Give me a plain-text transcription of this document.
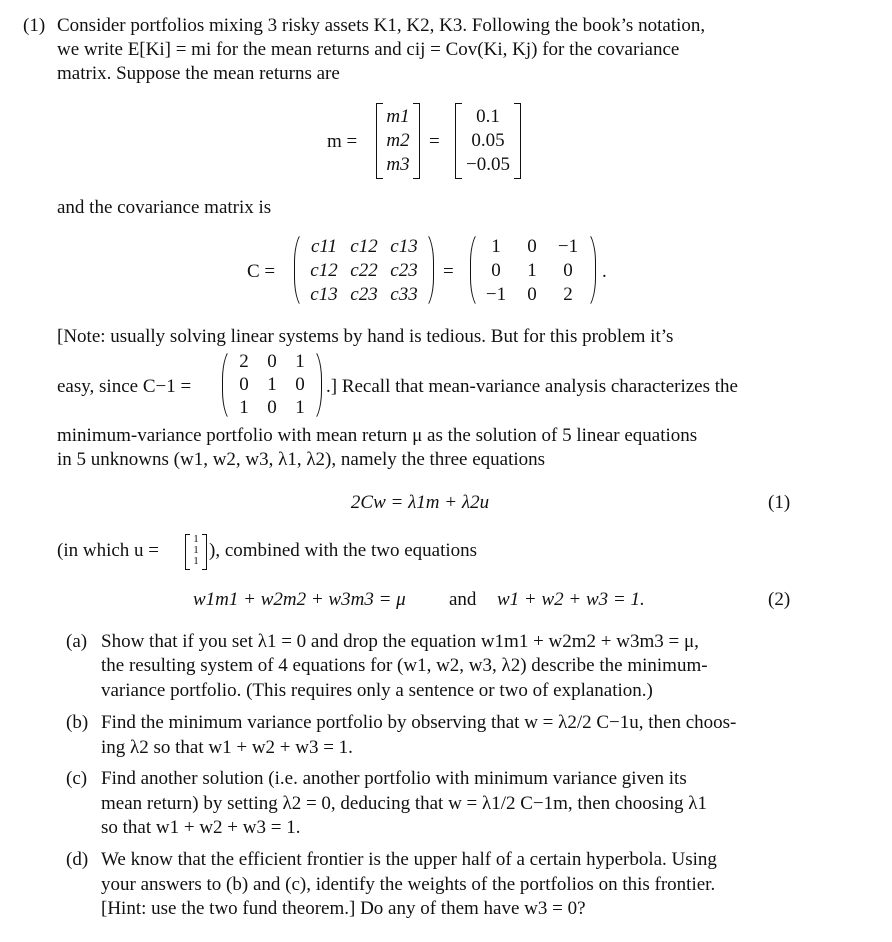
(1) Consider portfolios mixing 3 risky assets K1, K2, K3. Following the book’s notation,
we write E[Ki] = mi for the mean returns and cij = Cov(Ki, Kj) for the covariance
matrix. Suppose the mean returns are
m =
m1
m2
m3
=
0.1
0.05
−0.05
and the covariance matrix is
C =
c11 c12 c13
c12 c22 c23
c13 c23 c33
=
1	0	−1
0	1	0
−1	0	2
.
[Note: usually solving linear systems by hand is tedious. But for this problem it’s
easy, since C−1 =
2 0 1
0 1 0
1 0 1
.] Recall that mean-variance analysis characterizes the
minimum-variance portfolio with mean return μ as the solution of 5 linear equations
in 5 unknowns (w1, w2, w3, λ1, λ2), namely the three equations
2Cw = λ1m + λ2u	(1)
(in which u =
1
1
1 ), combined with the two equations
w1m1 + w2m2 + w3m3 = μ and w1 + w2 + w3 = 1.	(2)
(a) Show that if you set λ1 = 0 and drop the equation w1m1 + w2m2 + w3m3 = μ,
the resulting system of 4 equations for (w1, w2, w3, λ2) describe the minimum-
variance portfolio. (This requires only a sentence or two of explanation.)
(b) Find the minimum variance portfolio by observing that w = λ2/2 C−1u, then choos-
ing λ2 so that w1 + w2 + w3 = 1.
(c) Find another solution (i.e. another portfolio with minimum variance given its
mean return) by setting λ2 = 0, deducing that w = λ1/2 C−1m, then choosing λ1
so that w1 + w2 + w3 = 1.
(d) We know that the efficient frontier is the upper half of a certain hyperbola. Using
your answers to (b) and (c), identify the weights of the portfolios on this frontier.
[Hint: use the two fund theorem.] Do any of them have w3 = 0?
